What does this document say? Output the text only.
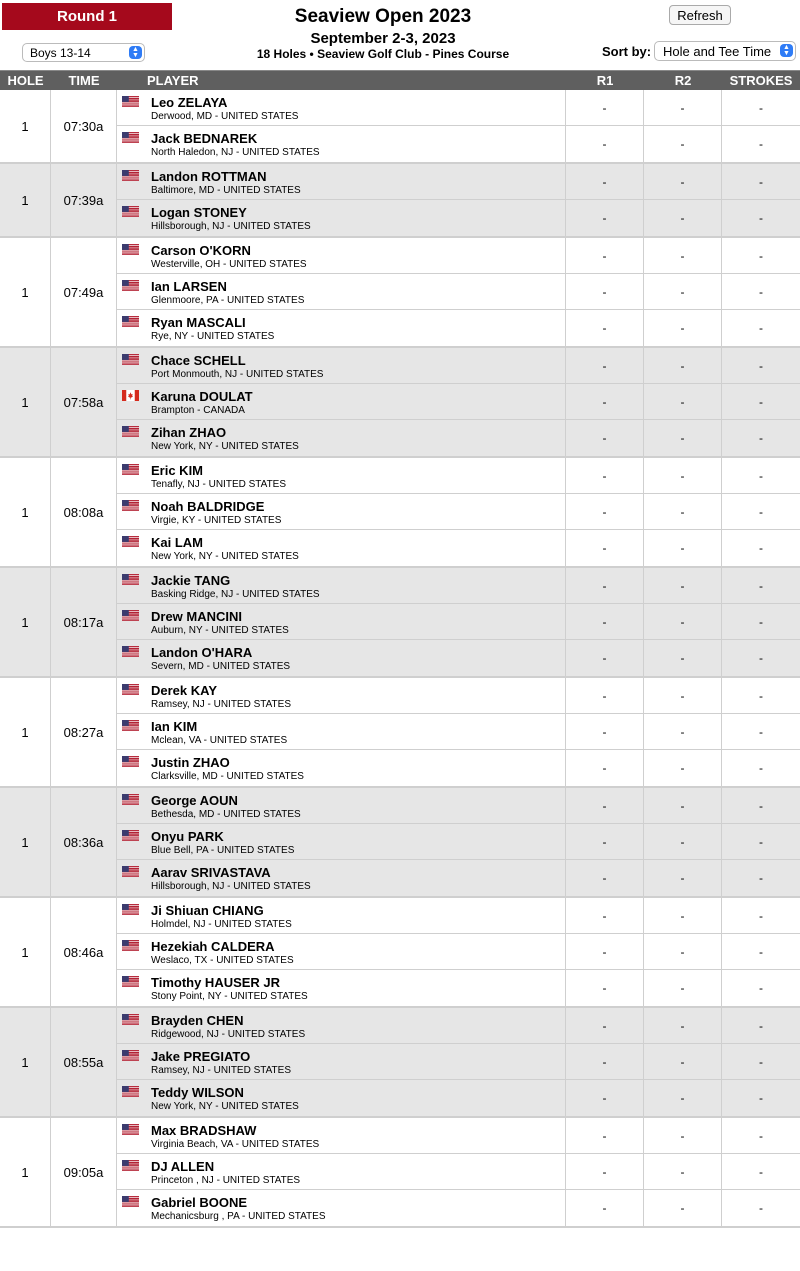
Round 1
Boys 13-14	▲
▼
Seaview Open 2023
September 2-3, 2023
18 Holes • Seaview Golf Club - Pines Course
Refresh
Sort by: Hole and Tee Time ▲
▼
HOLE	TIME	PLAYER	R1	R2	STROKES
1	07:30a
Leo ZELAYA
Derwood, MD - UNITED STATES
-	-	-
Jack BEDNAREK
North Haledon, NJ - UNITED STATES
-	-	-
1	07:39a
Landon ROTTMAN
Baltimore, MD - UNITED STATES
-	-	-
Logan STONEY
Hillsborough, NJ - UNITED STATES
-	-	-
1	07:49a
Carson O'KORN
Westerville, OH - UNITED STATES
-	-	-
Ian LARSEN
Glenmoore, PA - UNITED STATES
-	-	-
Ryan MASCALI
Rye, NY - UNITED STATES
-	-	-
1	07:58a
Chace SCHELL
Port Monmouth, NJ - UNITED STATES
-	-	-
Karuna DOULAT
Brampton - CANADA
-	-	-
Zihan ZHAO
New York, NY - UNITED STATES
-	-	-
1	08:08a
Eric KIM
Tenafly, NJ - UNITED STATES
-	-	-
Noah BALDRIDGE
Virgie, KY - UNITED STATES
-	-	-
Kai LAM
New York, NY - UNITED STATES
-	-	-
1	08:17a
Jackie TANG
Basking Ridge, NJ - UNITED STATES
-	-	-
Drew MANCINI
Auburn, NY - UNITED STATES
-	-	-
Landon O'HARA
Severn, MD - UNITED STATES
-	-	-
1	08:27a
Derek KAY
Ramsey, NJ - UNITED STATES
-	-	-
Ian KIM
Mclean, VA - UNITED STATES
-	-	-
Justin ZHAO
Clarksville, MD - UNITED STATES
-	-	-
1	08:36a
George AOUN
Bethesda, MD - UNITED STATES
-	-	-
Onyu PARK
Blue Bell, PA - UNITED STATES
-	-	-
Aarav SRIVASTAVA
Hillsborough, NJ - UNITED STATES
-	-	-
1	08:46a
Ji Shiuan CHIANG
Holmdel, NJ - UNITED STATES
-	-	-
Hezekiah CALDERA
Weslaco, TX - UNITED STATES
-	-	-
Timothy HAUSER JR
Stony Point, NY - UNITED STATES
-	-	-
1	08:55a
Brayden CHEN
Ridgewood, NJ - UNITED STATES
-	-	-
Jake PREGIATO
Ramsey, NJ - UNITED STATES
-	-	-
Teddy WILSON
New York, NY - UNITED STATES
-	-	-
1	09:05a
Max BRADSHAW
Virginia Beach, VA - UNITED STATES
-	-	-
DJ ALLEN
Princeton , NJ - UNITED STATES
-	-	-
Gabriel BOONE
Mechanicsburg , PA - UNITED STATES
-	-	-
